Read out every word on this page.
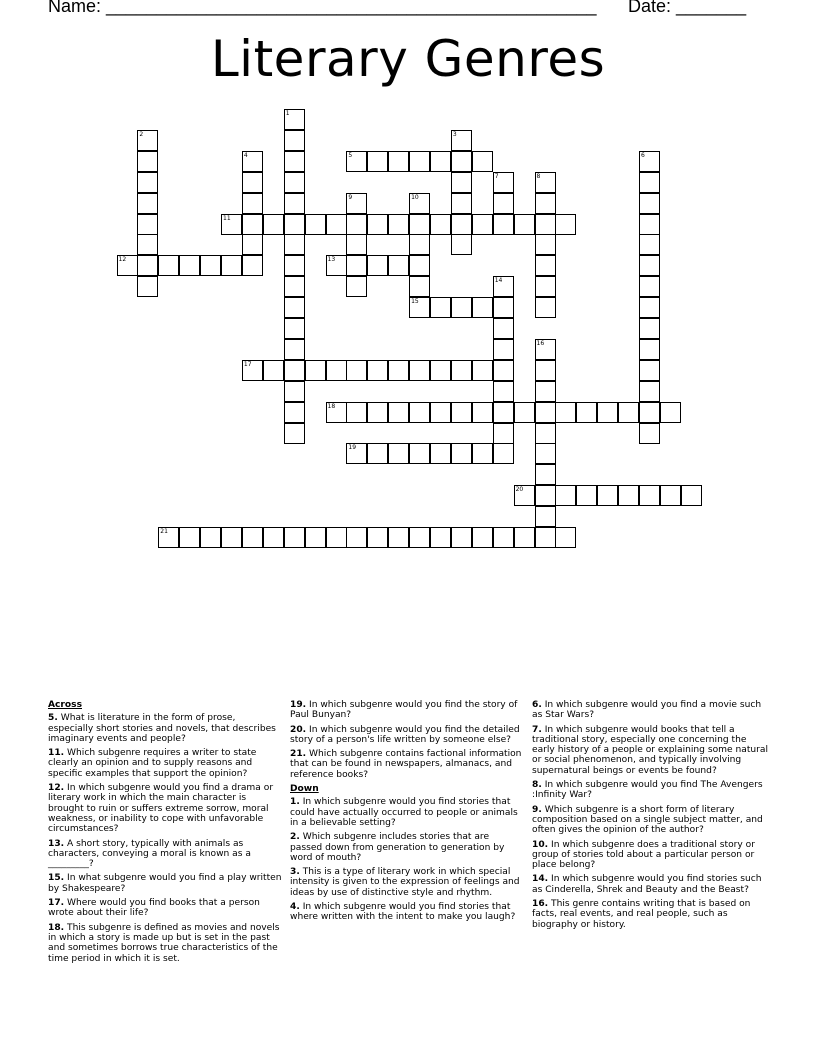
Name: _________________________________________________ Date: _______
Literary Genres
1
2	3
4	5	6
7	8
9	10
15
11
12	13
14
16
17
18
19
20
21
Across
5. What is literature in the form of prose, especially short stories and novels, that describes imaginary events and people?
11. Which subgenre requires a writer to state clearly an opinion and to supply reasons and specific examples that support the opinion?
12. In which subgenre would you find a drama or literary work in which the main character is brought to ruin or suffers extreme sorrow, moral weakness, or inability to cope with unfavorable circumstances?
13. A short story, typically with animals as characters, conveying a moral is known as a _________?
15. In what subgenre would you find a play written by Shakespeare?
17. Where would you find books that a person wrote about their life?
18. This subgenre is defined as movies and novels in which a story is made up but is set in the past and sometimes borrows true characteristics of the time period in which it is set.
19. In which subgenre would you find the story of Paul Bunyan?
20. In which subgenre would you find the detailed story of a person's life written by someone else?
21. Which subgenre contains factional information that can be found in newspapers, almanacs, and reference books?
Down
1. In which subgenre would you find stories that could have actually occurred to people or animals in a believable setting?
2. Which subgenre includes stories that are passed down from generation to generation by word of mouth?
3. This is a type of literary work in which special intensity is given to the expression of feelings and ideas by use of distinctive style and rhythm.
4. In which subgenre would you find stories that where written with the intent to make you laugh?
6. In which subgenre would you find a movie such as Star Wars?
7. In which subgenre would books that tell a traditional story, especially one concerning the early history of a people or explaining some natural or social phenomenon, and typically involving supernatural beings or events be found?
8. In which subgenre would you find The Avengers :Infinity War?
9. Which subgenre is a short form of literary composition based on a single subject matter, and often gives the opinion of the author?
10. In which subgenre does a traditional story or group of stories told about a particular person or place belong?
14. In which subgenre would you find stories such as Cinderella, Shrek and Beauty and the Beast?
16. This genre contains writing that is based on facts, real events, and real people, such as biography or history.
